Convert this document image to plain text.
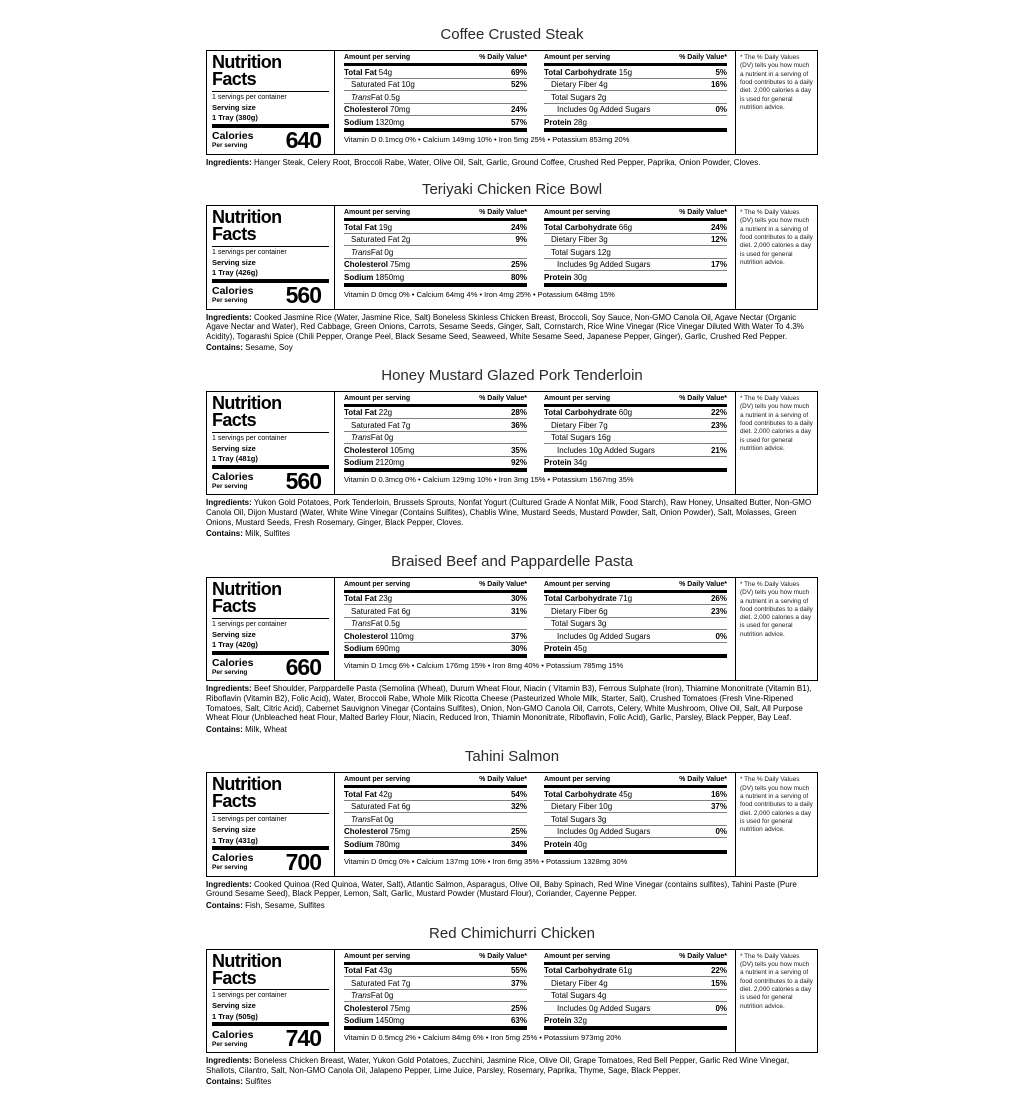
Coffee Crusted Steak
Nutrition
Facts
1 servings per container
Serving size
1 Tray (380g)
Calories
Per serving 640
Amount per serving	% Daily Value*
Total Fat 54g	69%
Saturated Fat 10g	52%
TransFat 0.5g
Cholesterol 70mg	24%
Sodium 1320mg	57%
Amount per serving	% Daily Value*
Total Carbohydrate 15g	5%
Dietary Fiber 4g	16%
Total Sugars 2g
Includes 0g Added Sugars	0%
Protein 28g
Vitamin D 0.1mcg 0% • Calcium 149mg 10% • Iron 5mg 25% • Potassium 853mg 20%
* The % Daily Values (DV) tells you how much a nutrient in a serving of food contributes to a daily diet. 2,000 calories a day is used for general nutrition advice.

Ingredients: Hanger Steak, Celery Root, Broccoli Rabe, Water, Olive Oil, Salt, Garlic, Ground Coffee, Crushed Red Pepper, Paprika, Onion Powder, Cloves.

Teriyaki Chicken Rice Bowl
Nutrition
Facts
1 servings per container
Serving size
1 Tray (426g)
Calories
Per serving 560
Amount per serving	% Daily Value*
Total Fat 19g	24%
Saturated Fat 2g	9%
TransFat 0g
Cholesterol 75mg	25%
Sodium 1850mg	80%
Amount per serving	% Daily Value*
Total Carbohydrate 66g	24%
Dietary Fiber 3g	12%
Total Sugars 12g
Includes 9g Added Sugars	17%
Protein 30g
Vitamin D 0mcg 0% • Calcium 64mg 4% • Iron 4mg 25% • Potassium 648mg 15%
* The % Daily Values (DV) tells you how much a nutrient in a serving of food contributes to a daily diet. 2,000 calories a day is used for general nutrition advice.

Ingredients: Cooked Jasmine Rice (Water, Jasmine Rice, Salt) Boneless Skinless Chicken Breast, Broccoli, Soy Sauce, Non-GMO Canola Oil, Agave Nectar (Organic Agave Nectar and Water), Red Cabbage, Green Onions, Carrots, Sesame Seeds, Ginger, Salt, Cornstarch, Rice Wine Vinegar (Rice Vinegar Diluted With Water To 4.3% Acidity), Togarashi Spice (Chili Pepper, Orange Peel, Black Sesame Seed, Seaweed, White Sesame Seed, Japanese Pepper, Ginger), Garlic, Crushed Red Pepper.

Contains: Sesame, Soy

Honey Mustard Glazed Pork Tenderloin
Nutrition
Facts
1 servings per container
Serving size
1 Tray (481g)
Calories
Per serving 560
Amount per serving	% Daily Value*
Total Fat 22g	28%
Saturated Fat 7g	36%
TransFat 0g
Cholesterol 105mg	35%
Sodium 2120mg	92%
Amount per serving	% Daily Value*
Total Carbohydrate 60g	22%
Dietary Fiber 7g	23%
Total Sugars 16g
Includes 10g Added Sugars	21%
Protein 34g
Vitamin D 0.3mcg 0% • Calcium 129mg 10% • Iron 3mg 15% • Potassium 1567mg 35%
* The % Daily Values (DV) tells you how much a nutrient in a serving of food contributes to a daily diet. 2,000 calories a day is used for general nutrition advice.

Ingredients: Yukon Gold Potatoes, Pork Tenderloin, Brussels Sprouts, Nonfat Yogurt (Cultured Grade A Nonfat Milk, Food Starch), Raw Honey, Unsalted Butter, Non-GMO Canola Oil, Dijon Mustard (Water, White Wine Vinegar (Contains Sulfites), Chablis Wine, Mustard Seeds, Mustard Powder, Salt, Onion Powder), Salt, Molasses, Green Onions, Mustard Seeds, Fresh Rosemary, Ginger, Black Pepper, Cloves.

Contains: Milk, Sulfites

Braised Beef and Pappardelle Pasta
Nutrition
Facts
1 servings per container
Serving size
1 Tray (420g)
Calories
Per serving 660
Amount per serving	% Daily Value*
Total Fat 23g	30%
Saturated Fat 6g	31%
TransFat 0.5g
Cholesterol 110mg	37%
Sodium 690mg	30%
Amount per serving	% Daily Value*
Total Carbohydrate 71g	26%
Dietary Fiber 6g	23%
Total Sugars 3g
Includes 0g Added Sugars	0%
Protein 45g
Vitamin D 1mcg 6% • Calcium 176mg 15% • Iron 8mg 40% • Potassium 785mg 15%
* The % Daily Values (DV) tells you how much a nutrient in a serving of food contributes to a daily diet. 2,000 calories a day is used for general nutrition advice.

Ingredients: Beef Shoulder, Parppardelle Pasta (Semolina (Wheat), Durum Wheat Flour, Niacin ( Vitamin B3), Ferrous Sulphate (Iron), Thiamine Mononitrate (Vitamin B1), Riboflavin (Vitamin B2), Folic Acid), Water, Broccoli Rabe, Whole Milk Ricotta Cheese (Pasteurized Whole Milk, Starter, Salt), Crushed Tomatoes (Fresh Vine-Ripened Tomatoes, Salt, Citric Acid), Cabernet Sauvignon Vinegar (Contains Sulfites), Onion, Non-GMO Canola Oil, Carrots, Celery, White Mushroom, Olive Oil, Salt, All Purpose Wheat Flour (Unbleached heat Flour, Malted Barley Flour, Niacin, Reduced Iron, Thiamin Mononitrate, Riboflavin, Folic Acid), Garlic, Parsley, Black Pepper, Bay Leaf.

Contains: Milk, Wheat

Tahini Salmon
Nutrition
Facts
1 servings per container
Serving size
1 Tray (431g)
Calories
Per serving 700
Amount per serving	% Daily Value*
Total Fat 42g	54%
Saturated Fat 6g	32%
TransFat 0g
Cholesterol 75mg	25%
Sodium 780mg	34%
Amount per serving	% Daily Value*
Total Carbohydrate 45g	16%
Dietary Fiber 10g	37%
Total Sugars 3g
Includes 0g Added Sugars	0%
Protein 40g
Vitamin D 0mcg 0% • Calcium 137mg 10% • Iron 6mg 35% • Potassium 1328mg 30%
* The % Daily Values (DV) tells you how much a nutrient in a serving of food contributes to a daily diet. 2,000 calories a day is used for general nutrition advice.

Ingredients: Cooked Quinoa (Red Quinoa, Water, Salt), Atlantic Salmon, Asparagus, Olive Oil, Baby Spinach, Red Wine Vinegar (contains sulfites), Tahini Paste (Pure Ground Sesame Seed), Black Pepper, Lemon, Salt, Garlic, Mustard Powder (Mustard Flour), Coriander, Cayenne Pepper.

Contains: Fish, Sesame, Sulfites

Red Chimichurri Chicken
Nutrition
Facts
1 servings per container
Serving size
1 Tray (505g)
Calories
Per serving 740
Amount per serving	% Daily Value*
Total Fat 43g	55%
Saturated Fat 7g	37%
TransFat 0g
Cholesterol 75mg	25%
Sodium 1450mg	63%
Amount per serving	% Daily Value*
Total Carbohydrate 61g	22%
Dietary Fiber 4g	15%
Total Sugars 4g
Includes 0g Added Sugars	0%
Protein 32g
Vitamin D 0.5mcg 2% • Calcium 84mg 6% • Iron 5mg 25% • Potassium 973mg 20%
* The % Daily Values (DV) tells you how much a nutrient in a serving of food contributes to a daily diet. 2,000 calories a day is used for general nutrition advice.

Ingredients: Boneless Chicken Breast, Water, Yukon Gold Potatoes, Zucchini, Jasmine Rice, Olive Oil, Grape Tomatoes, Red Bell Pepper, Garlic Red Wine Vinegar, Shallots, Cilantro, Salt, Non-GMO Canola Oil, Jalapeno Pepper, Lime Juice, Parsley, Rosemary, Paprika, Thyme, Sage, Black Pepper.

Contains: Sulfites
